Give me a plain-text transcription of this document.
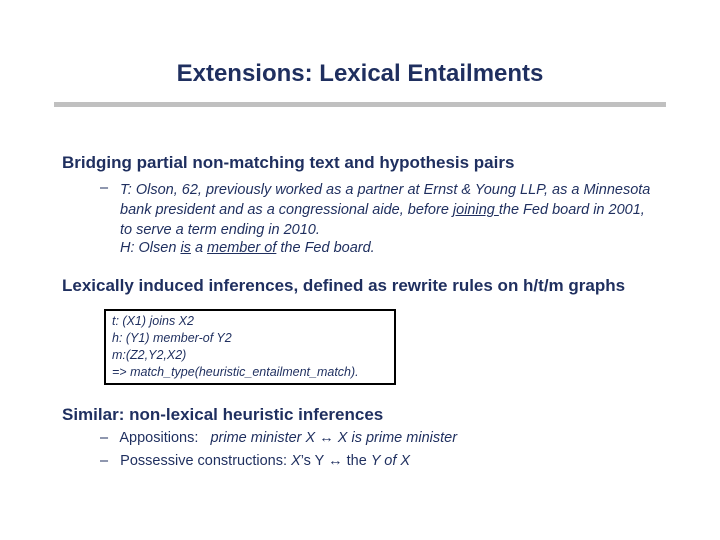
Extensions: Lexical Entailments
Bridging partial non-matching text and hypothesis pairs
– T: Olson, 62, previously worked as a partner at Ernst & Young LLP, as a Minnesota bank president and as a congressional aide, before joining the Fed board in 2001, to serve a term ending in 2010.
H: Olsen is a member of the Fed board.
Lexically induced inferences, defined as rewrite rules on h/t/m graphs
t: (X1) joins X2
h: (Y1) member-of Y2
m:(Z2,Y2,X2)
=> match_type(heuristic_entailment_match).
Similar: non-lexical heuristic inferences
– Appositions:   prime minister X ↔ X is prime minister
– Possessive constructions: X’s Y ↔ the Y of X
